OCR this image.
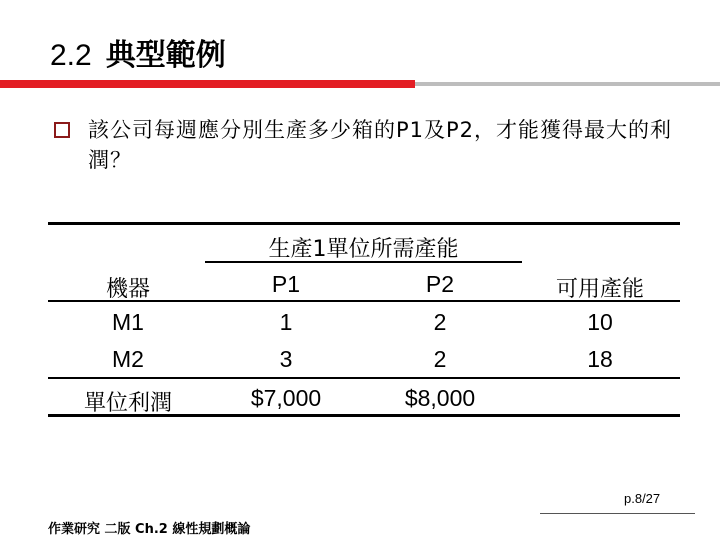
2.2 典型範例
該公司每週應分別生產多少箱的P1及P2，才能獲得最大的利潤？
生產1單位所需產能
機器	P1	P2	可用產能
M1	1	2	10
M2	3	2	18
單位利潤	$7,000	$8,000
p.8/27
作業研究 二版 Ch.2 線性規劃概論
